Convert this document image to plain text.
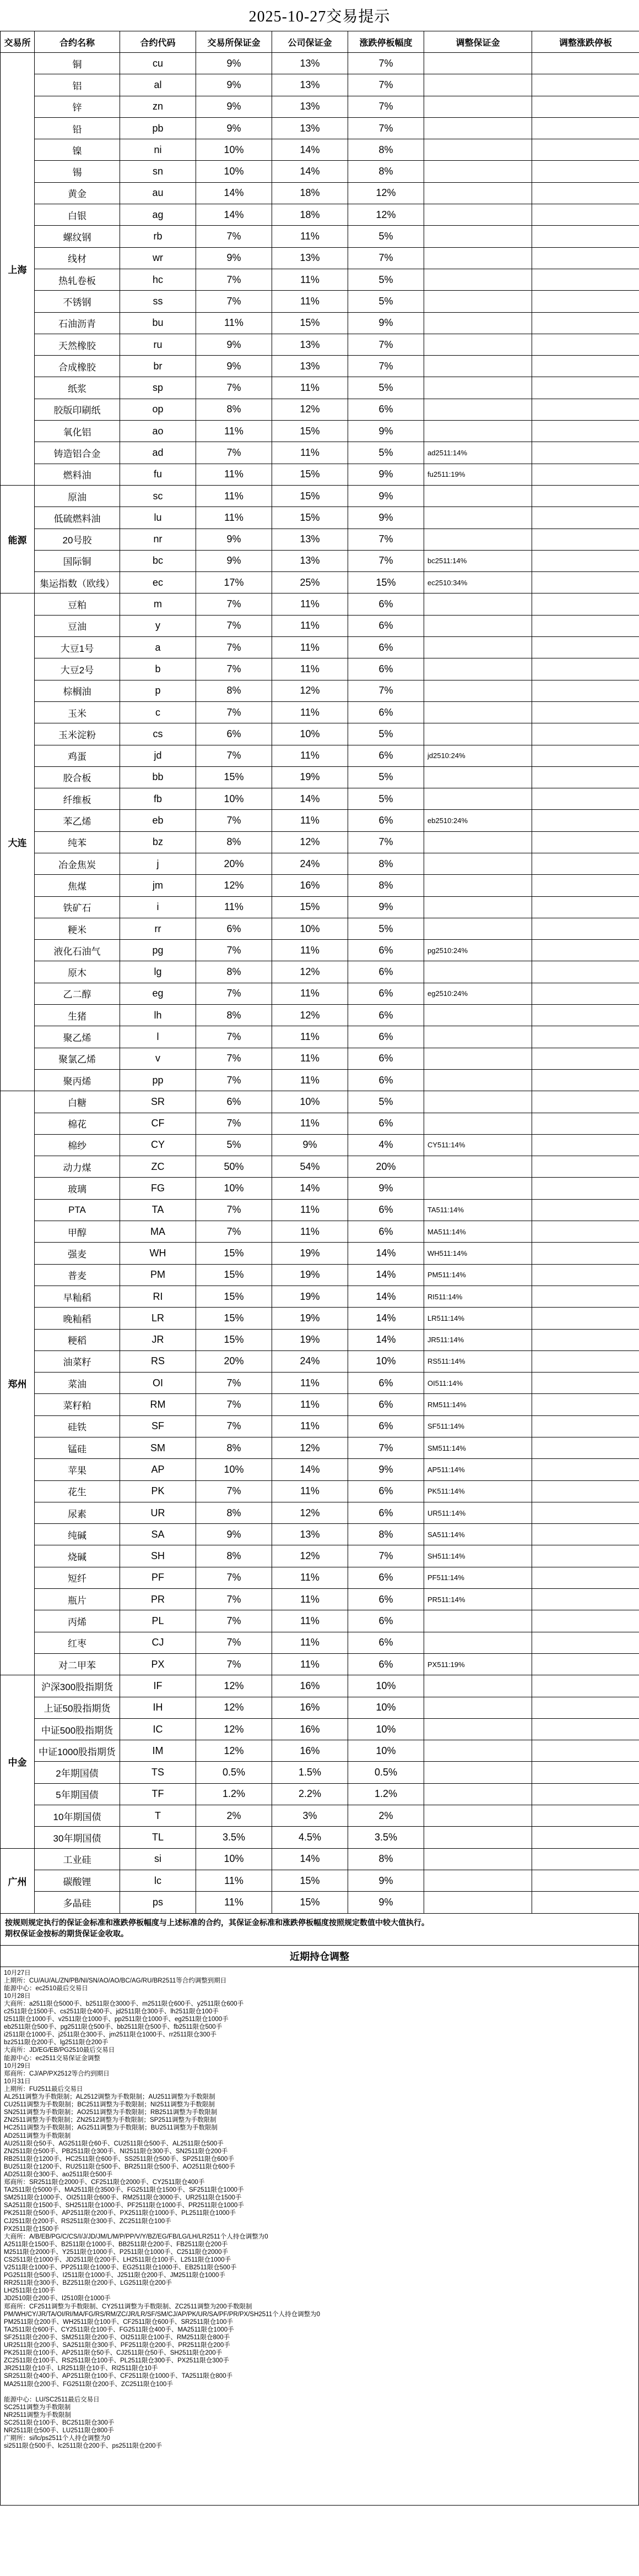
2025-10-27交易提示
交易所	合约名称	合约代码	交易所保证金	公司保证金	涨跌停板幅度	调整保证金	调整涨跌停板
上海	铜	cu	9%	13%	7%		
	铝	al	9%	13%	7%		
	锌	zn	9%	13%	7%		
	铅	pb	9%	13%	7%		
	镍	ni	10%	14%	8%		
	锡	sn	10%	14%	8%		
	黄金	au	14%	18%	12%		
	白银	ag	14%	18%	12%		
	螺纹钢	rb	7%	11%	5%		
	线材	wr	9%	13%	7%		
	热轧卷板	hc	7%	11%	5%		
	不锈钢	ss	7%	11%	5%		
	石油沥青	bu	11%	15%	9%		
	天然橡胶	ru	9%	13%	7%		
	合成橡胶	br	9%	13%	7%		
	纸浆	sp	7%	11%	5%		
	胶版印刷纸	op	8%	12%	6%		
	氧化铝	ao	11%	15%	9%		
	铸造铝合金	ad	7%	11%	5%	ad2511:14%	
	燃料油	fu	11%	15%	9%	fu2511:19%	
能源	原油	sc	11%	15%	9%		
	低硫燃料油	lu	11%	15%	9%		
	20号胶	nr	9%	13%	7%		
	国际铜	bc	9%	13%	7%	bc2511:14%	
	集运指数（欧线）	ec	17%	25%	15%	ec2510:34%	
大连	豆粕	m	7%	11%	6%		
	豆油	y	7%	11%	6%		
	大豆1号	a	7%	11%	6%		
	大豆2号	b	7%	11%	6%		
	棕榈油	p	8%	12%	7%		
	玉米	c	7%	11%	6%		
	玉米淀粉	cs	6%	10%	5%		
	鸡蛋	jd	7%	11%	6%	jd2510:24%	
	胶合板	bb	15%	19%	5%		
	纤维板	fb	10%	14%	5%		
	苯乙烯	eb	7%	11%	6%	eb2510:24%	
	纯苯	bz	8%	12%	7%		
	冶金焦炭	j	20%	24%	8%		
	焦煤	jm	12%	16%	8%		
	铁矿石	i	11%	15%	9%		
	粳米	rr	6%	10%	5%		
	液化石油气	pg	7%	11%	6%	pg2510:24%	
	原木	lg	8%	12%	6%		
	乙二醇	eg	7%	11%	6%	eg2510:24%	
	生猪	lh	8%	12%	6%		
	聚乙烯	l	7%	11%	6%		
	聚氯乙烯	v	7%	11%	6%		
	聚丙烯	pp	7%	11%	6%		
郑州	白糖	SR	6%	10%	5%		
	棉花	CF	7%	11%	6%		
	棉纱	CY	5%	9%	4%	CY511:14%	
	动力煤	ZC	50%	54%	20%		
	玻璃	FG	10%	14%	9%		
	PTA	TA	7%	11%	6%	TA511:14%	
	甲醇	MA	7%	11%	6%	MA511:14%	
	强麦	WH	15%	19%	14%	WH511:14%	
	普麦	PM	15%	19%	14%	PM511:14%	
	早籼稻	RI	15%	19%	14%	RI511:14%	
	晚籼稻	LR	15%	19%	14%	LR511:14%	
	粳稻	JR	15%	19%	14%	JR511:14%	
	油菜籽	RS	20%	24%	10%	RS511:14%	
	菜油	OI	7%	11%	6%	OI511:14%	
	菜籽粕	RM	7%	11%	6%	RM511:14%	
	硅铁	SF	7%	11%	6%	SF511:14%	
	锰硅	SM	8%	12%	7%	SM511:14%	
	苹果	AP	10%	14%	9%	AP511:14%	
	花生	PK	7%	11%	6%	PK511:14%	
	尿素	UR	8%	12%	6%	UR511:14%	
	纯碱	SA	9%	13%	8%	SA511:14%	
	烧碱	SH	8%	12%	7%	SH511:14%	
	短纤	PF	7%	11%	6%	PF511:14%	
	瓶片	PR	7%	11%	6%	PR511:14%	
	丙烯	PL	7%	11%	6%		
	红枣	CJ	7%	11%	6%		
	对二甲苯	PX	7%	11%	6%	PX511:19%	
中金	沪深300股指期货	IF	12%	16%	10%		
	上证50股指期货	IH	12%	16%	10%		
	中证500股指期货	IC	12%	16%	10%		
	中证1000股指期货	IM	12%	16%	10%		
	2年期国债	TS	0.5%	1.5%	0.5%		
	5年期国债	TF	1.2%	2.2%	1.2%		
	10年期国债	T	2%	3%	2%		
	30年期国债	TL	3.5%	4.5%	3.5%		
广州	工业硅	si	10%	14%	8%		
	碳酸锂	lc	11%	15%	9%		
	多晶硅	ps	11%	15%	9%		
按规则规定执行的保证金标准和涨跌停板幅度与上述标准的合约，其保证金标准和涨跌停板幅度按照规定数值中较大值执行。
期权保证金按标的期货保证金收取。
近期持仓调整
10月27日
上期所：CU/AU/AL/ZN/PB/NI/SN/AO/AO/BC/AG/RU/BR2511等合约调整到期日
能源中心：ec2510最后交易日
10月28日
大商所：a2511限仓5000手、b2511限仓3000手、m2511限仓600手、y2511限仓600手
c2511限仓1500手、cs2511限仓400手、jd2511限仓300手、lh2511限仓100手
l2511限仓1000手、v2511限仓1000手、pp2511限仓1000手、eg2511限仓1000手
eb2511限仓500手、pg2511限仓500手、bb2511限仓500手、fb2511限仓500手
i2511限仓1000手、j2511限仓300手、jm2511限仓1000手、rr2511限仓300手
bz2511限仓200手、lg2511限仓200手
大商所：JD/EG/EB/PG2510最后交易日
能源中心：ec2511交易保证金调整
10月29日
郑商所：CJ/AP/PX2512等合约到期日
10月31日
上期所：FU2511最后交易日
AL2511调整为手数限制；AL2512调整为手数限制；AU2511调整为手数限制
CU2511调整为手数限制；BC2511调整为手数限制；NI2511调整为手数限制
SN2511调整为手数限制；AO2511调整为手数限制；RB2511调整为手数限制
ZN2511调整为手数限制；ZN2512调整为手数限制；SP2511调整为手数限制
HC2511调整为手数限制；AG2511调整为手数限制；BU2511调整为手数限制
AD2511调整为手数限制
AU2511限仓50手、AG2511限仓60手、CU2511限仓500手、AL2511限仓500手
ZN2511限仓500手、PB2511限仓300手、NI2511限仓300手、SN2511限仓200手
RB2511限仓1200手、HC2511限仓600手、SS2511限仓500手、SP2511限仓600手
BU2511限仓1200手、RU2511限仓500手、BR2511限仓500手、AO2511限仓600手
AD2511限仓300手、ao2511限仓500手
郑商所：SR2511限仓2000手、CF2511限仓2000手、CY2511限仓400手
TA2511限仓5000手、MA2511限仓3500手、FG2511限仓1500手、SF2511限仓1000手
SM2511限仓1000手、OI2511限仓600手、RM2511限仓3000手、UR2511限仓1500手
SA2511限仓1500手、SH2511限仓1000手、PF2511限仓1000手、PR2511限仓1000手
PK2511限仓500手、AP2511限仓200手、PX2511限仓1000手、PL2511限仓1000手
CJ2511限仓200手、RS2511限仓300手、ZC2511限仓100手
PX2511限仓1500手
大商所：A/B/EB/PG/C/CS/I/J/JD/JM/L/M/P/PP/V/Y/BZ/EG/FB/LG/LH/LR2511个人持仓调整为0
A2511限仓1500手、B2511限仓1000手、BB2511限仓200手、FB2511限仓200手
M2511限仓2000手、Y2511限仓1000手、P2511限仓1000手、C2511限仓2000手
CS2511限仓1000手、JD2511限仓200手、LH2511限仓100手、L2511限仓1000手
V2511限仓1000手、PP2511限仓1000手、EG2511限仓1000手、EB2511限仓500手
PG2511限仓500手、I2511限仓1000手、J2511限仓200手、JM2511限仓1000手
RR2511限仓300手、BZ2511限仓200手、LG2511限仓200手
LH2511限仓100手
JD2510限仓200手、I2510限仓1000手
郑商所：CF2511调整为手数限制、CY2511调整为手数限制、ZC2511调整为200手数限制
PM/WH/CY/JR/TA/OI/RI/MA/FG/RS/RM/ZC/JR/LR/SF/SM/CJ/AP/PK/UR/SA/PF/PR/PX/SH2511个人持仓调整为0
PM2511限仓200手、WH2511限仓100手、CF2511限仓600手、SR2511限仓100手
TA2511限仓600手、CY2511限仓100手、FG2511限仓400手、MA2511限仓1000手
SF2511限仓200手、SM2511限仓200手、OI2511限仓100手、RM2511限仓800手
UR2511限仓200手、SA2511限仓300手、PF2511限仓200手、PR2511限仓200手
PK2511限仓100手、AP2511限仓50手、CJ2511限仓50手、SH2511限仓200手
ZC2511限仓100手、RS2511限仓100手、PL2511限仓300手、PX2511限仓300手
JR2511限仓10手、LR2511限仓10手、RI2511限仓10手
SR2511限仓400手、AP2511限仓100手、CF2511限仓1000手、TA2511限仓800手
MA2511限仓200手、FG2511限仓200手、ZC2511限仓100手
能源中心：LU/SC2511最后交易日
SC2511调整为手数限制
NR2511调整为手数限制
SC2511限仓100手、BC2511限仓300手
NR2511限仓500手、LU2511限仓800手
广期所：si/lc/ps2511个人持仓调整为0
si2511限仓500手、lc2511限仓200手、ps2511限仓200手
